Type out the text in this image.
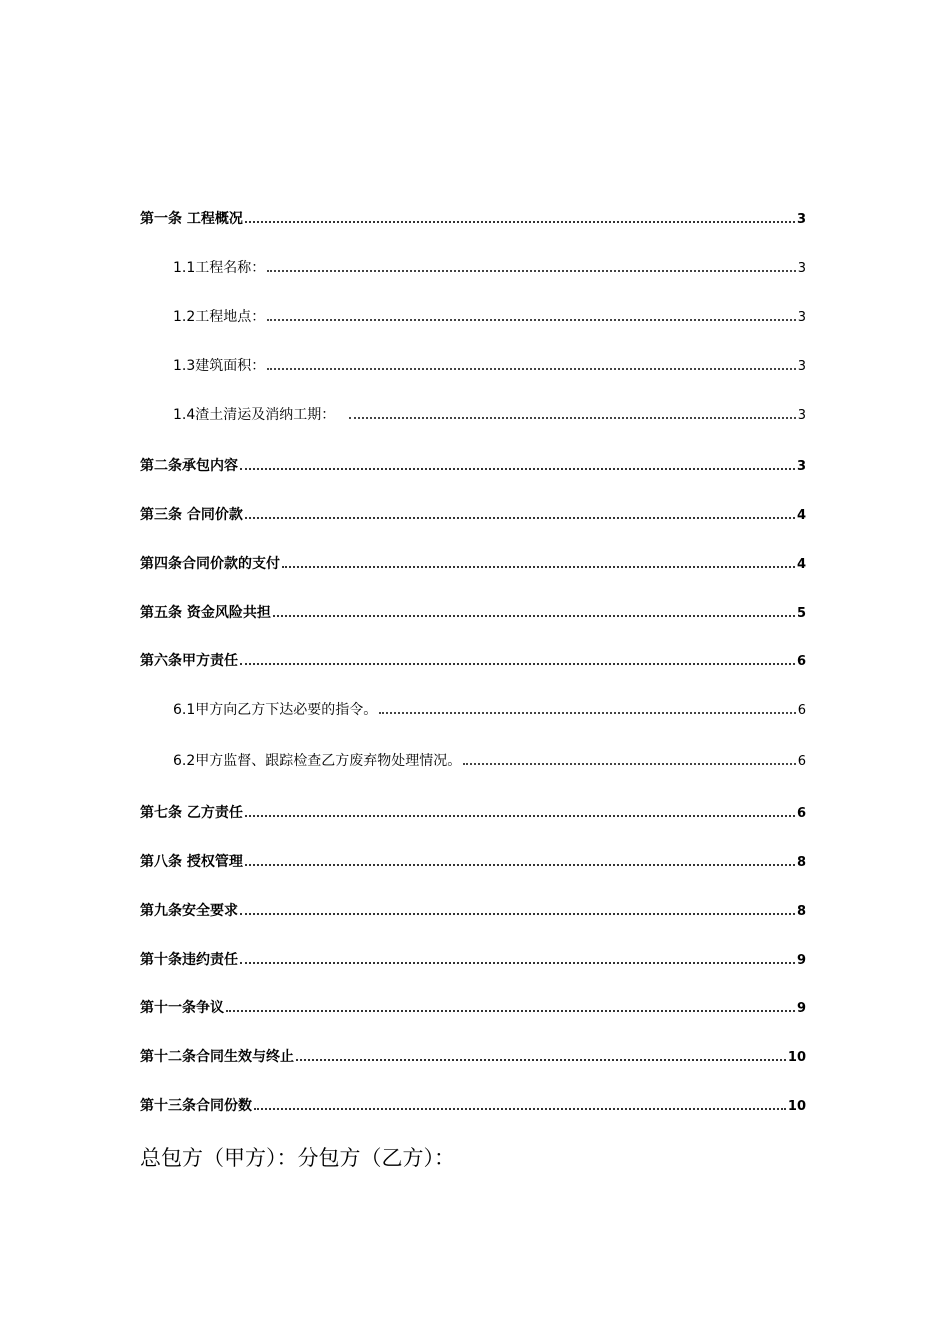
第一条 工程概况	3
1.1工程名称：	3
1.2工程地点：	3
1.3建筑面积：	3
1.4渣土清运及消纳工期：	3
第二条承包内容	3
第三条 合同价款	4
第四条合同价款的支付	4
第五条 资金风险共担	5
第六条甲方责任	6
6.1甲方向乙方下达必要的指令。	6
6.2甲方监督、跟踪检查乙方废弃物处理情况。	6
第七条 乙方责任	6
第八条 授权管理	8
第九条安全要求	8
第十条违约责任	9
第十一条争议	9
第十二条合同生效与终止	10
第十三条合同份数	10
总包方（甲方）：分包方（乙方）：
